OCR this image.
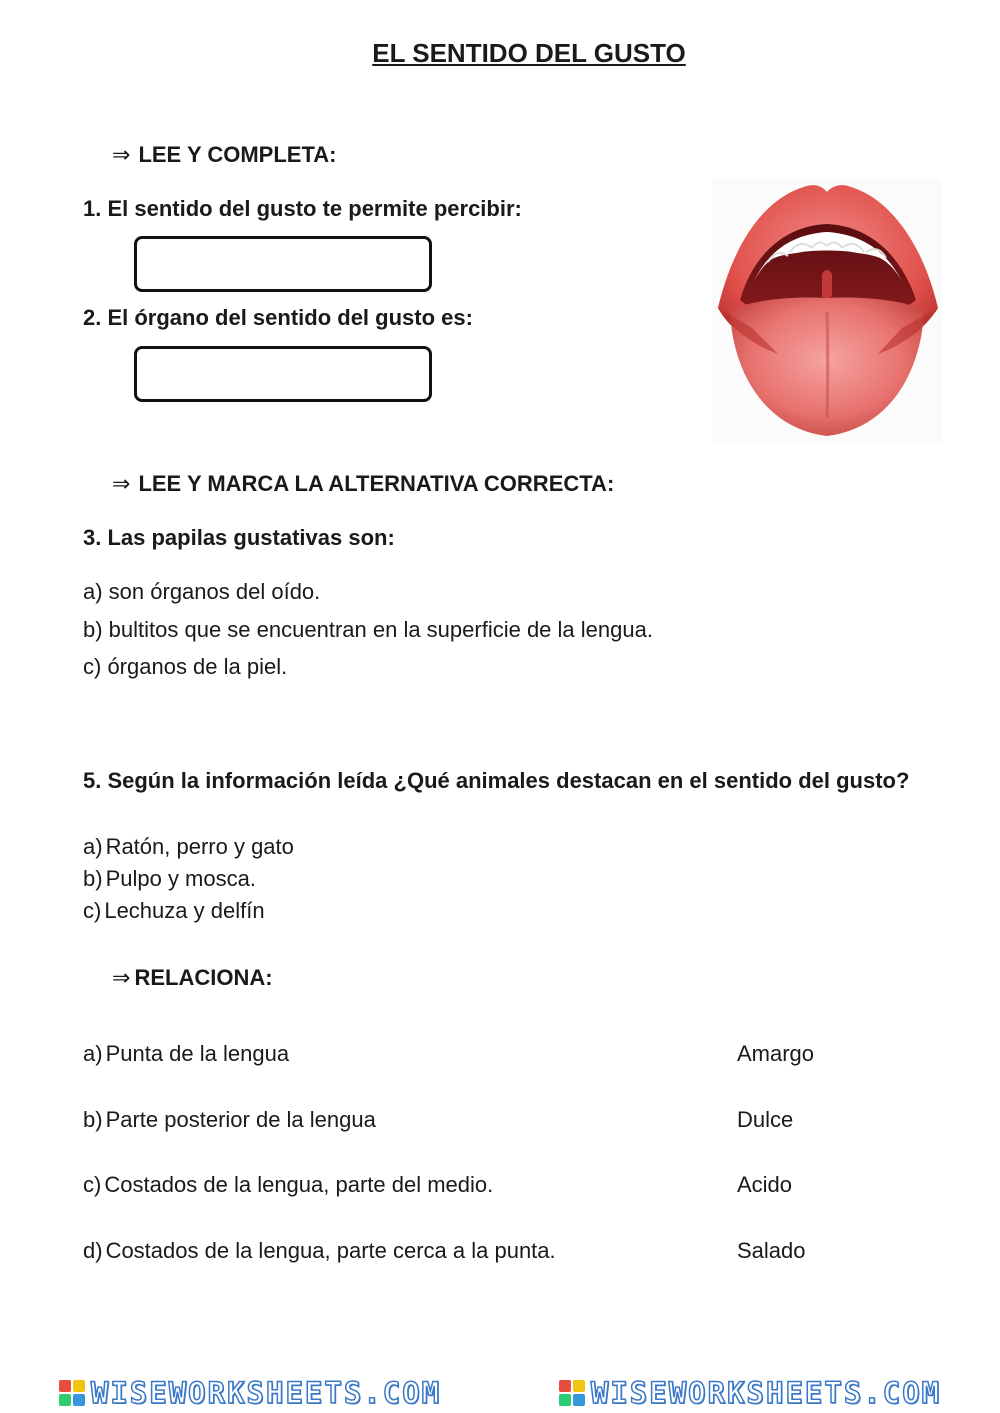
EL SENTIDO DEL GUSTO
⇒ LEE Y COMPLETA:
1. El sentido del gusto te permite percibir:
2. El órgano del sentido del gusto es:
⇒ LEE Y MARCA LA ALTERNATIVA CORRECTA:
3. Las papilas gustativas son:
a) son órganos del oído.
b) bultitos que se encuentran en la superficie de la lengua.
c) órganos de la piel.
5. Según la información leída ¿Qué animales destacan en el sentido del gusto?
a) Ratón, perro y gato
b) Pulpo y mosca.
c) Lechuza y delfín
⇒ RELACIONA:
a) Punta de la lengua
b) Parte posterior de la lengua
c) Costados de la lengua, parte del medio.
d) Costados de la lengua, parte cerca a la punta.
Amargo
Dulce
Acido
Salado
WISEWORKSHEETS.COM	WISEWORKSHEETS.COM
